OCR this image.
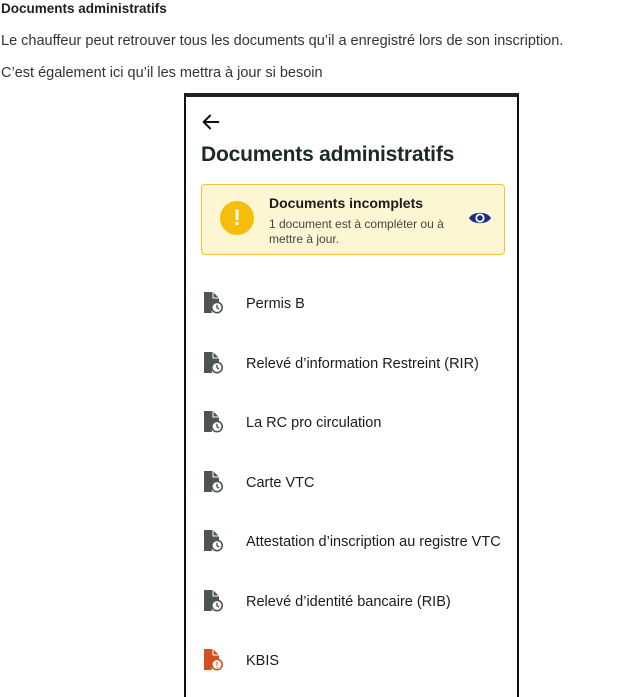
Documents administratifs
Le chauffeur peut retrouver tous les documents qu’il a enregistré lors de son inscription.
C’est également ici qu’il les mettra à jour si besoin
Documents administratifs
!
Documents incomplets
1 document est à compléter ou à mettre à jour.
Permis B
Relevé d’information Restreint (RIR)
La RC pro circulation
Carte VTC
Attestation d’inscription au registre VTC
Relevé d’identité bancaire (RIB)
! KBIS
